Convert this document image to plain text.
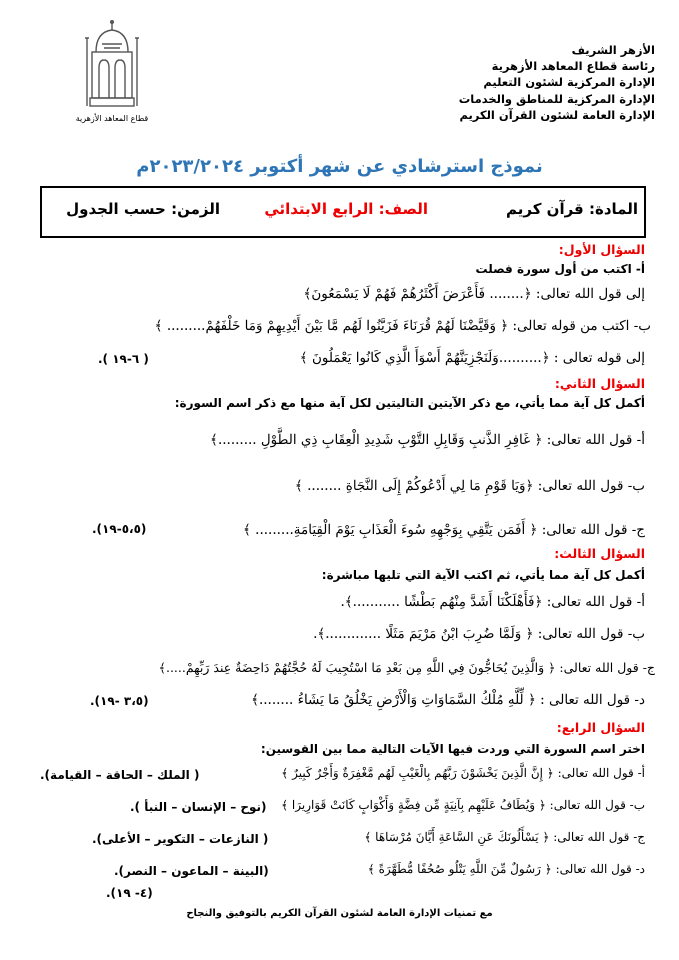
الأزهر الشريف
رئاسة قطاع المعاهد الأزهرية
الإدارة المركزية لشئون التعليم
الإدارة المركزية للمناطق والخدمات
الإدارة العامة لشئون القرآن الكريم
قطاع المعاهد الأزهرية
نموذج استرشادي عن شهر أكتوبر ٢٠٢٣/٢٠٢٤م
المادة: قرآن كريم
الصف: الرابع الابتدائي
الزمن: حسب الجدول
السؤال الأول:
أ- اكتب من أول سورة فصلت
إلى قول الله تعالى: ﴿........ فَأَعْرَضَ أَكْثَرُهُمْ فَهُمْ لَا يَسْمَعُونَ﴾
ب- اكتب من قوله تعالى: ﴿ وَقَيَّضْنَا لَهُمْ قُرَنَاءَ فَزَيَّنُوا لَهُم مَّا بَيْنَ أَيْدِيهِمْ وَمَا خَلْفَهُمْ......... ﴾
إلى قوله تعالى : ﴿..........وَلَنَجْزِيَنَّهُمْ أَسْوَأَ الَّذِي كَانُوا يَعْمَلُونَ ﴾
( ٦-١٩ ).
السؤال الثاني:
أكمل كل آية مما يأتي، مع ذكر الآيتين التاليتين لكل آية منها مع ذكر اسم السورة:
أ- قول الله تعالى: ﴿ غَافِرِ الذَّنبِ وَقَابِلِ التَّوْبِ شَدِيدِ الْعِقَابِ ذِي الطَّوْلِ .........﴾
ب- قول الله تعالى: ﴿وَيَا قَوْمِ مَا لِي أَدْعُوكُمْ إِلَى النَّجَاةِ ........ ﴾
ج- قول الله تعالى: ﴿ أَفَمَن يَتَّقِي بِوَجْهِهِ سُوءَ الْعَذَابِ يَوْمَ الْقِيَامَةِ......... ﴾
(٥،٥-١٩).
السؤال الثالث:
أكمل كل آية مما يأتي، ثم اكتب الآية التي تليها مباشرة:
أ- قول الله تعالى: ﴿فَأَهْلَكْنَا أَشَدَّ مِنْهُم بَطْشًا ...........﴾.
ب- قول الله تعالى: ﴿ وَلَمَّا ضُرِبَ ابْنُ مَرْيَمَ مَثَلًا .............﴾.
ج- قول الله تعالى: ﴿ وَالَّذِينَ يُحَاجُّونَ فِي اللَّهِ مِن بَعْدِ مَا اسْتُجِيبَ لَهُ حُجَّتُهُمْ دَاحِضَةٌ عِندَ رَبِّهِمْ.....﴾
د- قول الله تعالى : ﴿ لِّلَّهِ مُلْكُ السَّمَاوَاتِ وَالْأَرْضِ يَخْلُقُ مَا يَشَاءُ ........﴾
(٣،٥ -١٩).
السؤال الرابع:
اختر اسم السورة التي وردت فيها الآيات التالية مما بين القوسين:
أ- قول الله تعالى: ﴿ إِنَّ الَّذِينَ يَخْشَوْنَ رَبَّهُم بِالْغَيْبِ لَهُم مَّغْفِرَةٌ وَأَجْرٌ كَبِيرٌ ﴾
( الملك – الحاقة – القيامة).
ب- قول الله تعالى: ﴿ وَيُطَافُ عَلَيْهِم بِآنِيَةٍ مِّن فِضَّةٍ وَأَكْوَابٍ كَانَتْ قَوَارِيرَا ﴾
(نوح – الإنسان – النبأ ).
ج- قول الله تعالى: ﴿ يَسْأَلُونَكَ عَنِ السَّاعَةِ أَيَّانَ مُرْسَاهَا ﴾
( النازعات – التكوير – الأعلى).
د- قول الله تعالى: ﴿ رَسُولٌ مِّنَ اللَّهِ يَتْلُو صُحُفًا مُّطَهَّرَةً ﴾
(البينة – الماعون – النصر).
(٤- ١٩).
مع تمنيات الإدارة العامة لشئون القرآن الكريم بالتوفيق والنجاح
